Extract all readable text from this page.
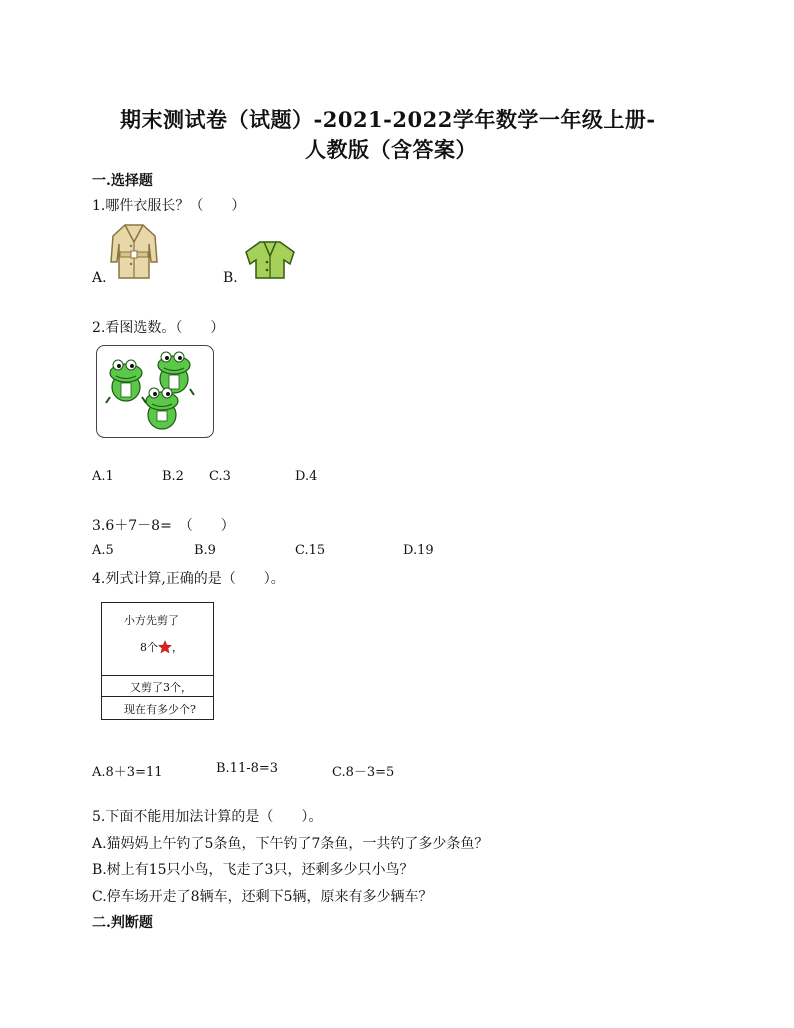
期末测试卷（试题）-2021-2022学年数学一年级上册-
人教版（含答案）
一.选择题
1.哪件衣服长？（　　）
A.	B.
2.看图选数。（　　）
A.1	B.2 C.3	D.4
3.6＋7－8=　（　　）
A.5	B.9	C.15	D.19
4.列式计算,正确的是（　　）。
小方先剪了
8个 ，
又剪了3个，
现在有多少个?
A.8＋3=11	B.11-8=3	C.8－3=5
5.下面不能用加法计算的是（　　）。
A.猫妈妈上午钓了5条鱼，下午钓了7条鱼，一共钓了多少条鱼？
B.树上有15只小鸟，飞走了3只，还剩多少只小鸟？
C.停车场开走了8辆车，还剩下5辆，原来有多少辆车？
二.判断题
